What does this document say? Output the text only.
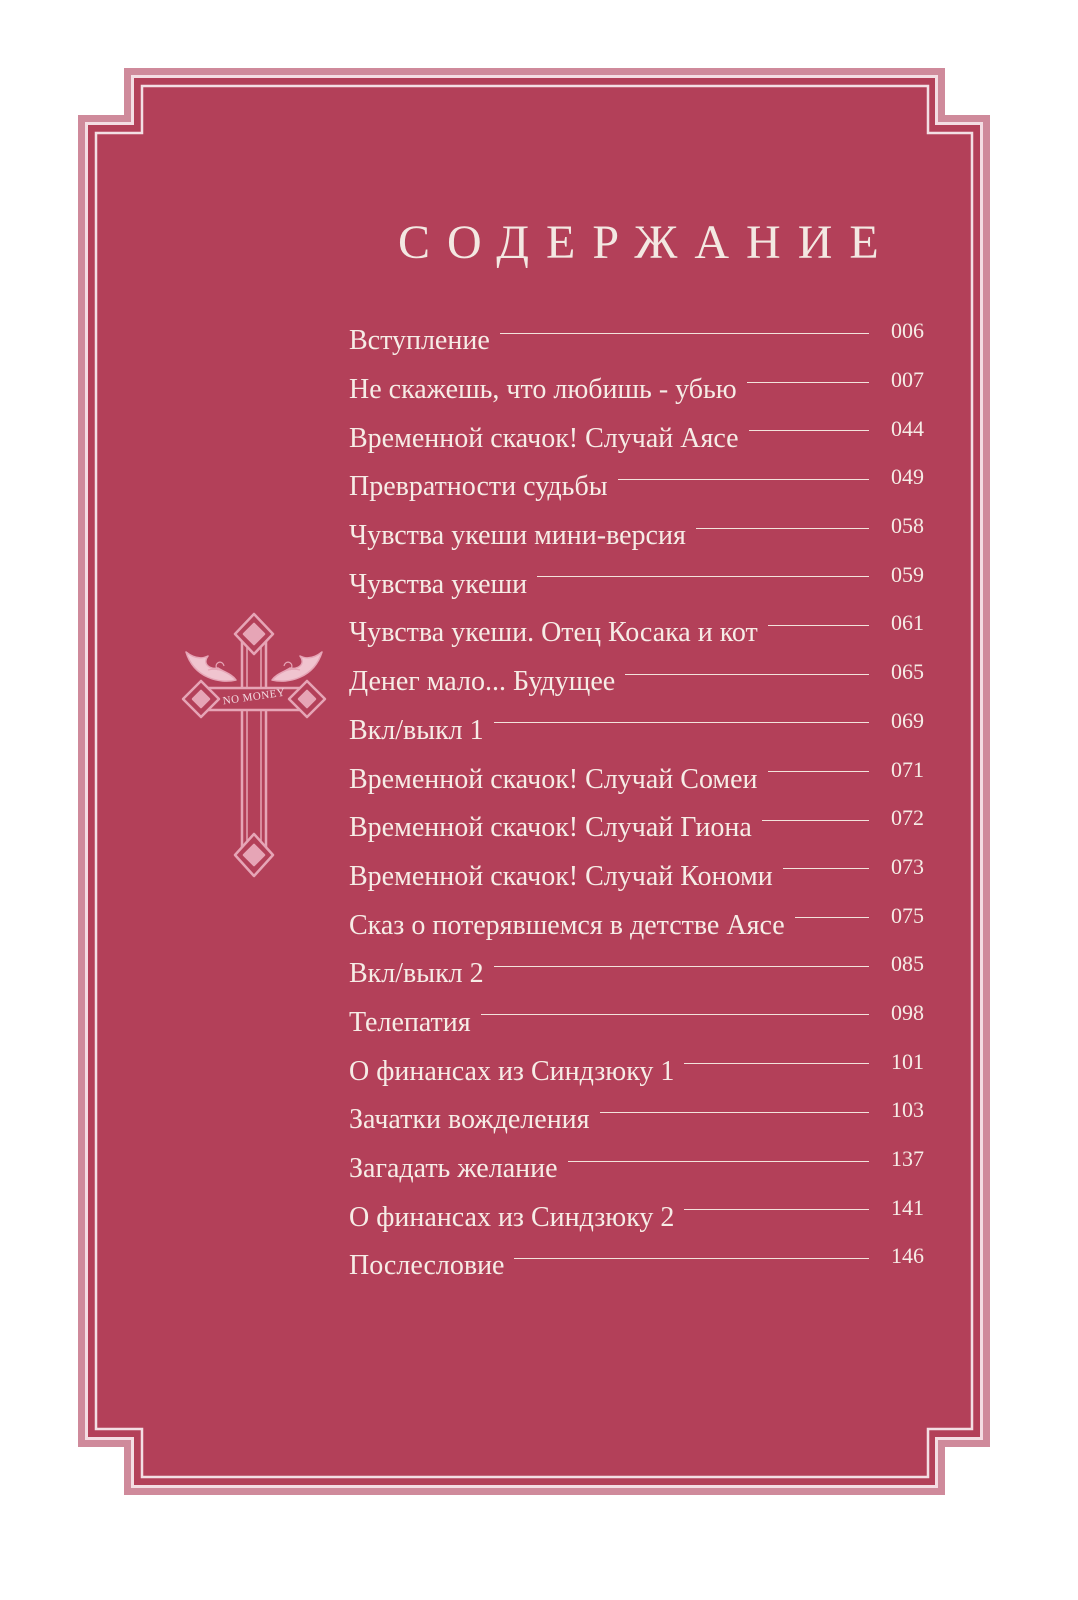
СОДЕРЖАНИЕ
NO MONEY
Вступление	006
Не скажешь, что любишь - убью	007
Временной скачок! Случай Аясе	044
Превратности судьбы	049
Чувства укеши мини-версия	058
Чувства укеши	059
Чувства укеши. Отец Косака и кот	061
Денег мало... Будущее	065
Вкл/выкл 1	069
Временной скачок! Случай Сомеи	071
Временной скачок! Случай Гиона	072
Временной скачок! Случай Кономи	073
Сказ о потерявшемся в детстве Аясе	075
Вкл/выкл 2	085
Телепатия	098
О финансах из Синдзюку 1	101
Зачатки вожделения	103
Загадать желание	137
О финансах из Синдзюку 2	141
Послесловие	146
